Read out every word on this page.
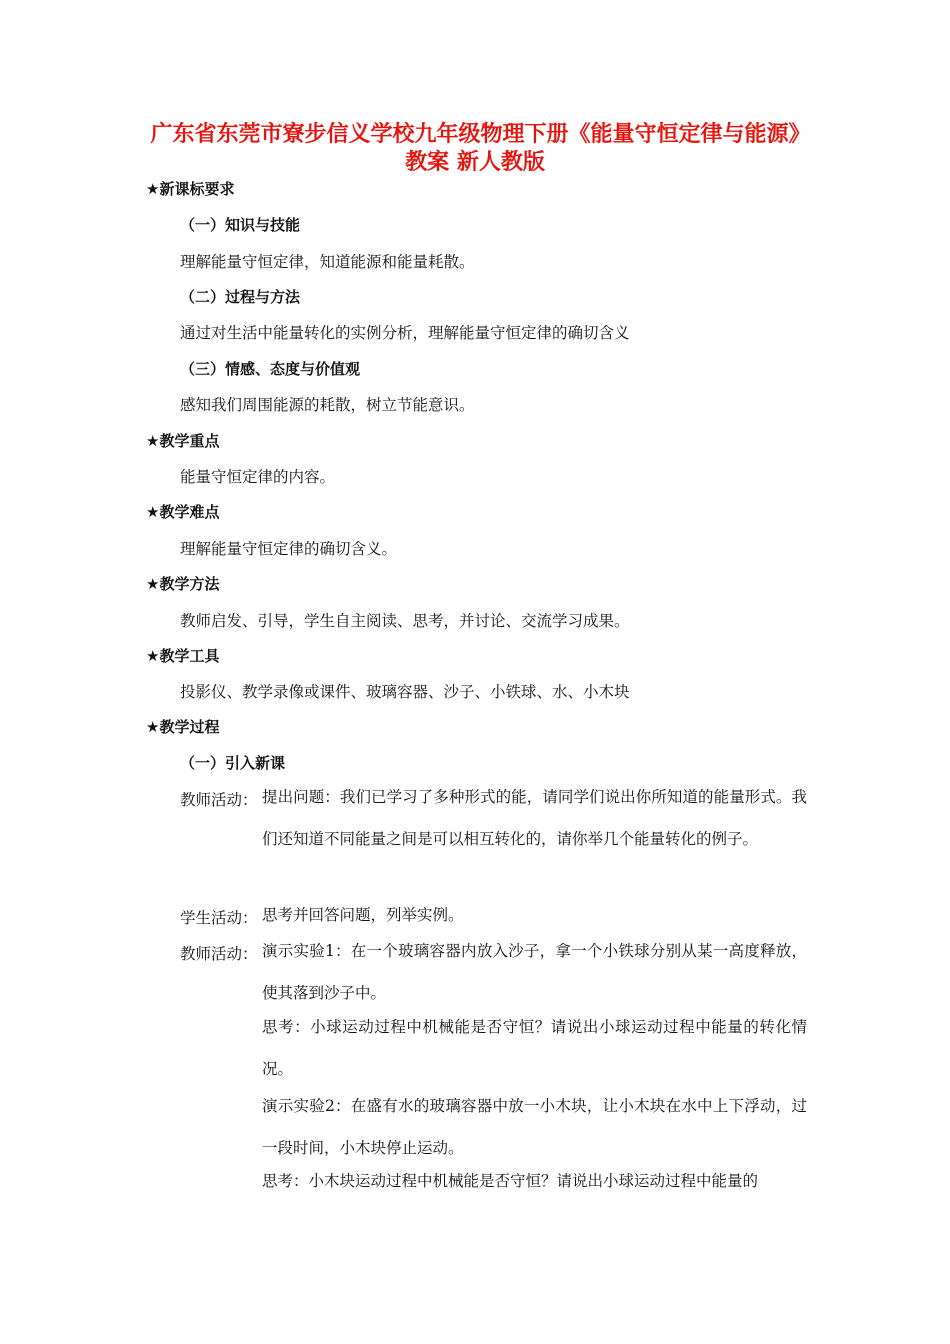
广东省东莞市寮步信义学校九年级物理下册《能量守恒定律与能源》教案 新人教版
★新课标要求
（一）知识与技能
理解能量守恒定律，知道能源和能量耗散。
（二）过程与方法
通过对生活中能量转化的实例分析，理解能量守恒定律的确切含义
（三）情感、态度与价值观
感知我们周围能源的耗散，树立节能意识。
★教学重点
能量守恒定律的内容。
★教学难点
理解能量守恒定律的确切含义。
★教学方法
教师启发、引导，学生自主阅读、思考，并讨论、交流学习成果。
★教学工具
投影仪、教学录像或课件、玻璃容器、沙子、小铁球、水、小木块
★教学过程
（一）引入新课
教师活动： 提出问题：我们已学习了多种形式的能，请同学们说出你所知道的能量形式。我们还知道不同能量之间是可以相互转化的，请你举几个能量转化的例子。
学生活动： 思考并回答问题，列举实例。
教师活动： 演示实验1：在一个玻璃容器内放入沙子，拿一个小铁球分别从某一高度释放，使其落到沙子中。
思考：小球运动过程中机械能是否守恒？请说出小球运动过程中能量的转化情况。
演示实验2：在盛有水的玻璃容器中放一小木块，让小木块在水中上下浮动，过一段时间，小木块停止运动。
思考：小木块运动过程中机械能是否守恒？请说出小球运动过程中能量的
